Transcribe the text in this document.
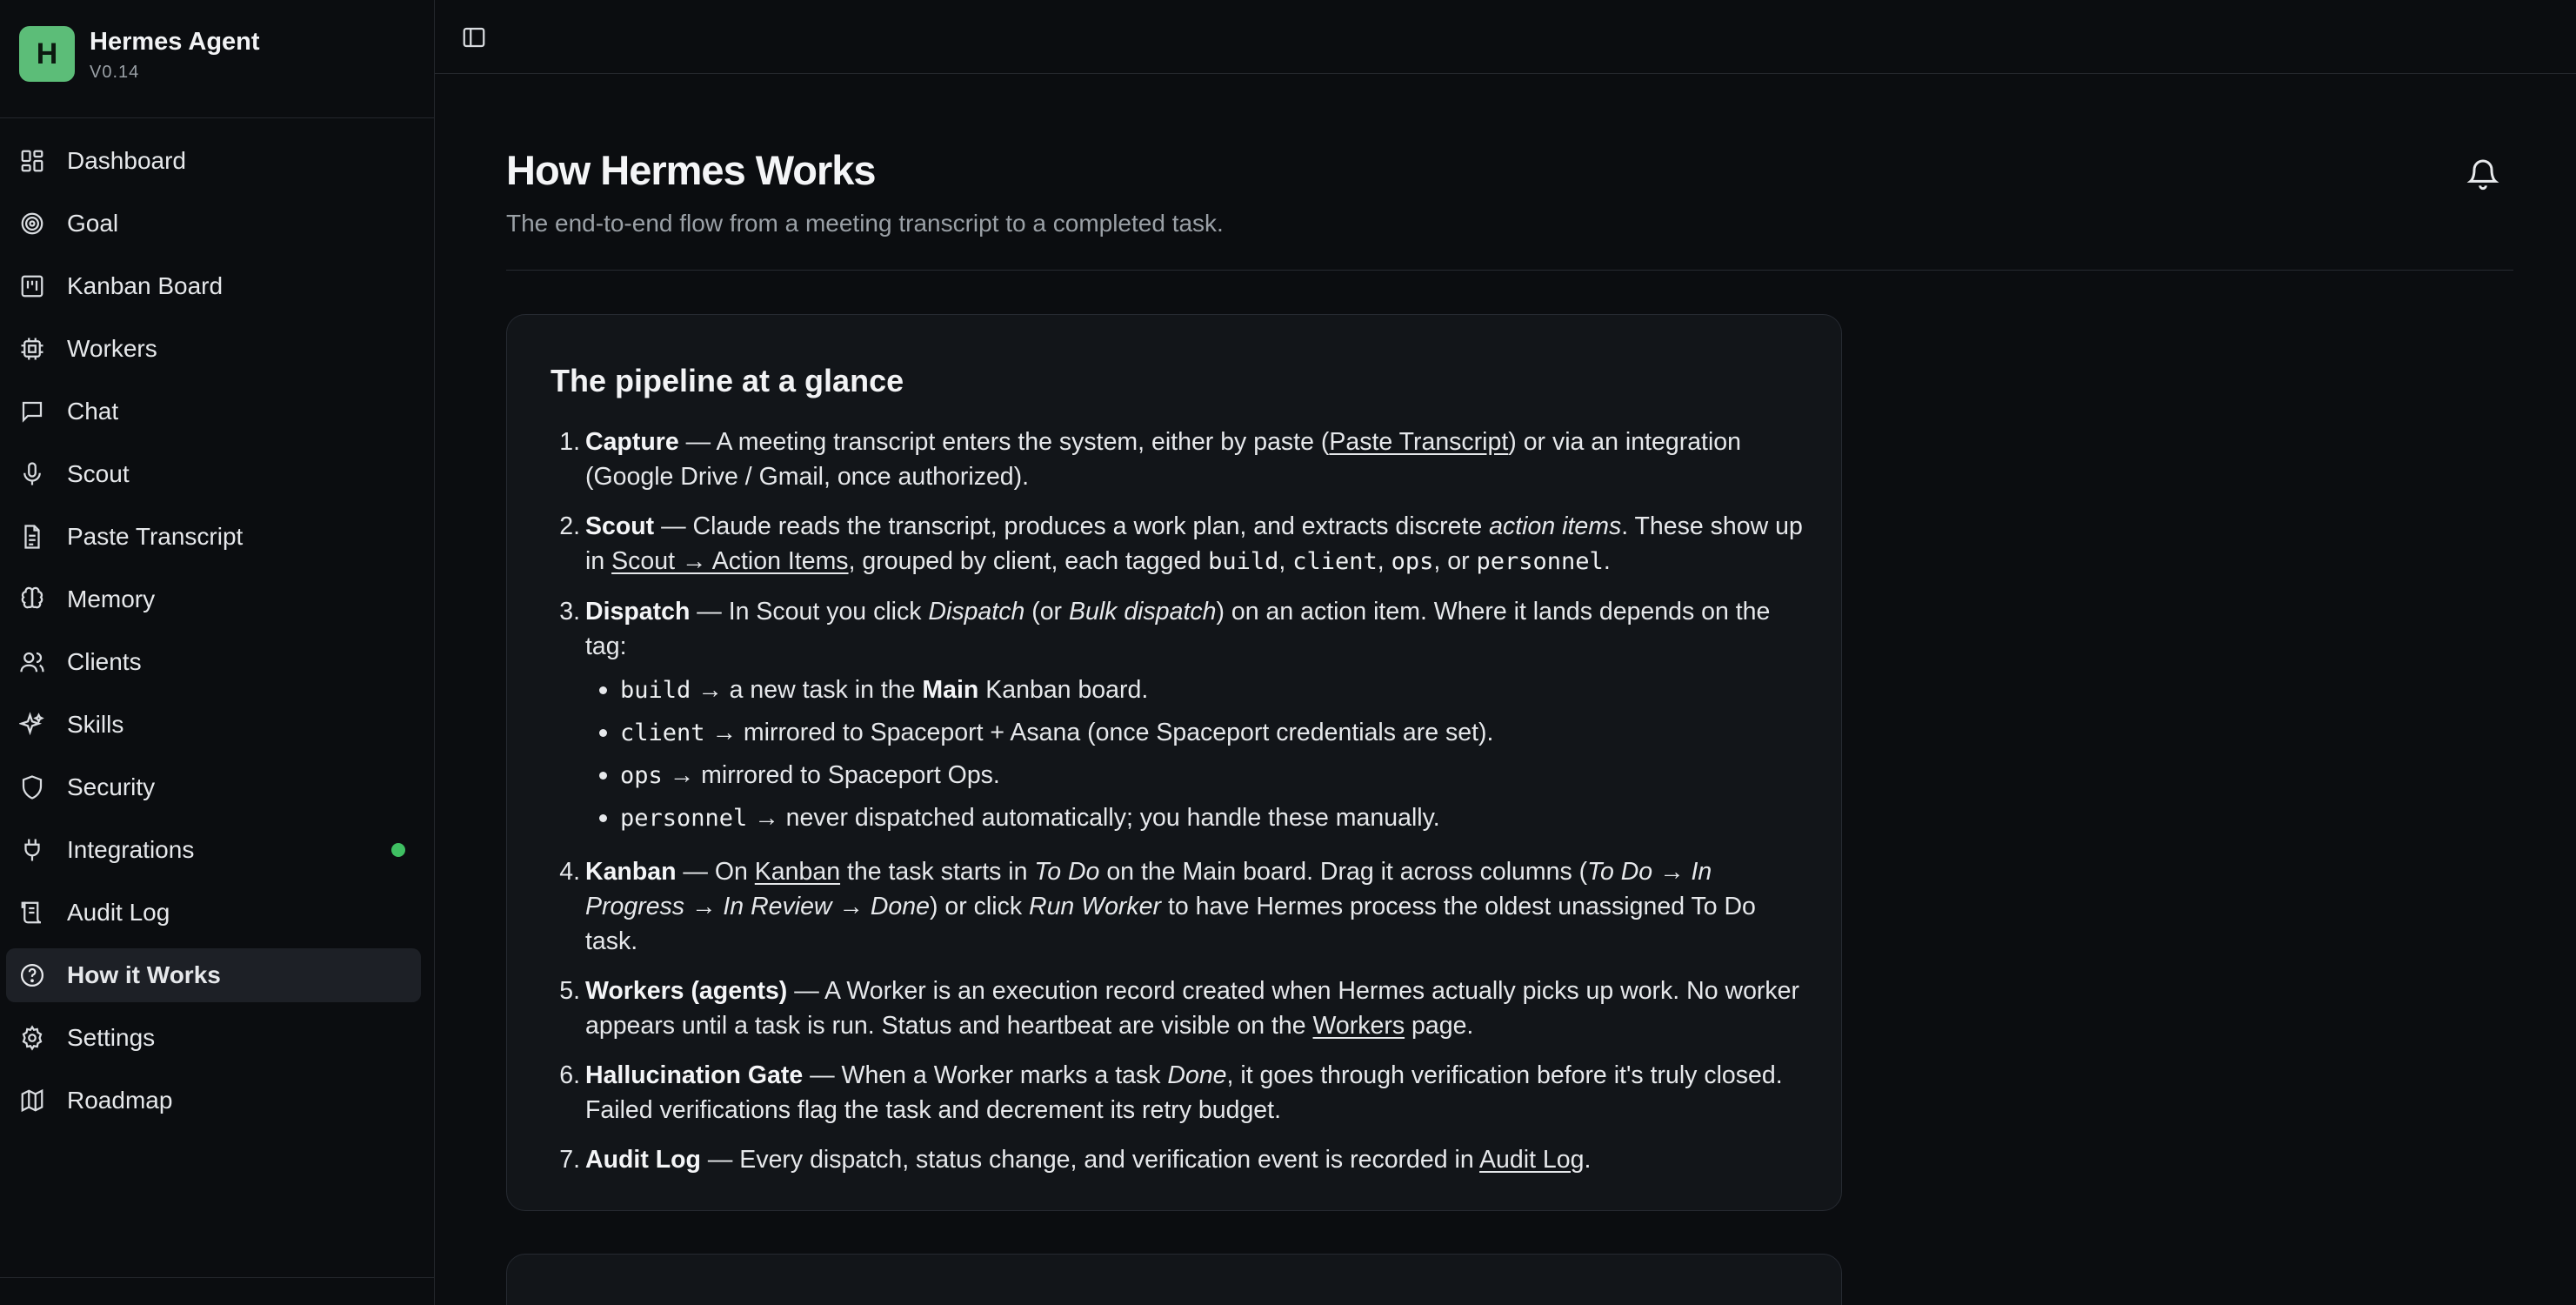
H	Hermes Agent
V0.14
Dashboard
Goal
Kanban Board
Workers
Chat
Scout
Paste Transcript
Memory
Clients
Skills
Security
Integrations
Audit Log
How it Works
Settings
Roadmap
How Hermes Works

The end-to-end flow from a meeting transcript to a completed task.

The pipeline at a glance
1. Capture — A meeting transcript enters the system, either by paste (Paste Transcript) or via an integration (Google Drive / Gmail, once authorized).
2. Scout — Claude reads the transcript, produces a work plan, and extracts discrete action items. These show up in Scout → Action Items, grouped by client, each tagged build, client, ops, or personnel.
3. Dispatch — In Scout you click Dispatch (or Bulk dispatch) on an action item. Where it lands depends on the tag:
build → a new task in the Main Kanban board.
client → mirrored to Spaceport + Asana (once Spaceport credentials are set).
ops → mirrored to Spaceport Ops.
personnel → never dispatched automatically; you handle these manually.
4. Kanban — On Kanban the task starts in To Do on the Main board. Drag it across columns (To Do → In Progress → In Review → Done) or click Run Worker to have Hermes process the oldest unassigned To Do task.
5. Workers (agents) — A Worker is an execution record created when Hermes actually picks up work. No worker appears until a task is run. Status and heartbeat are visible on the Workers page.
6. Hallucination Gate — When a Worker marks a task Done, it goes through verification before it's truly closed. Failed verifications flag the task and decrement its retry budget.
7. Audit Log — Every dispatch, status change, and verification event is recorded in Audit Log.
